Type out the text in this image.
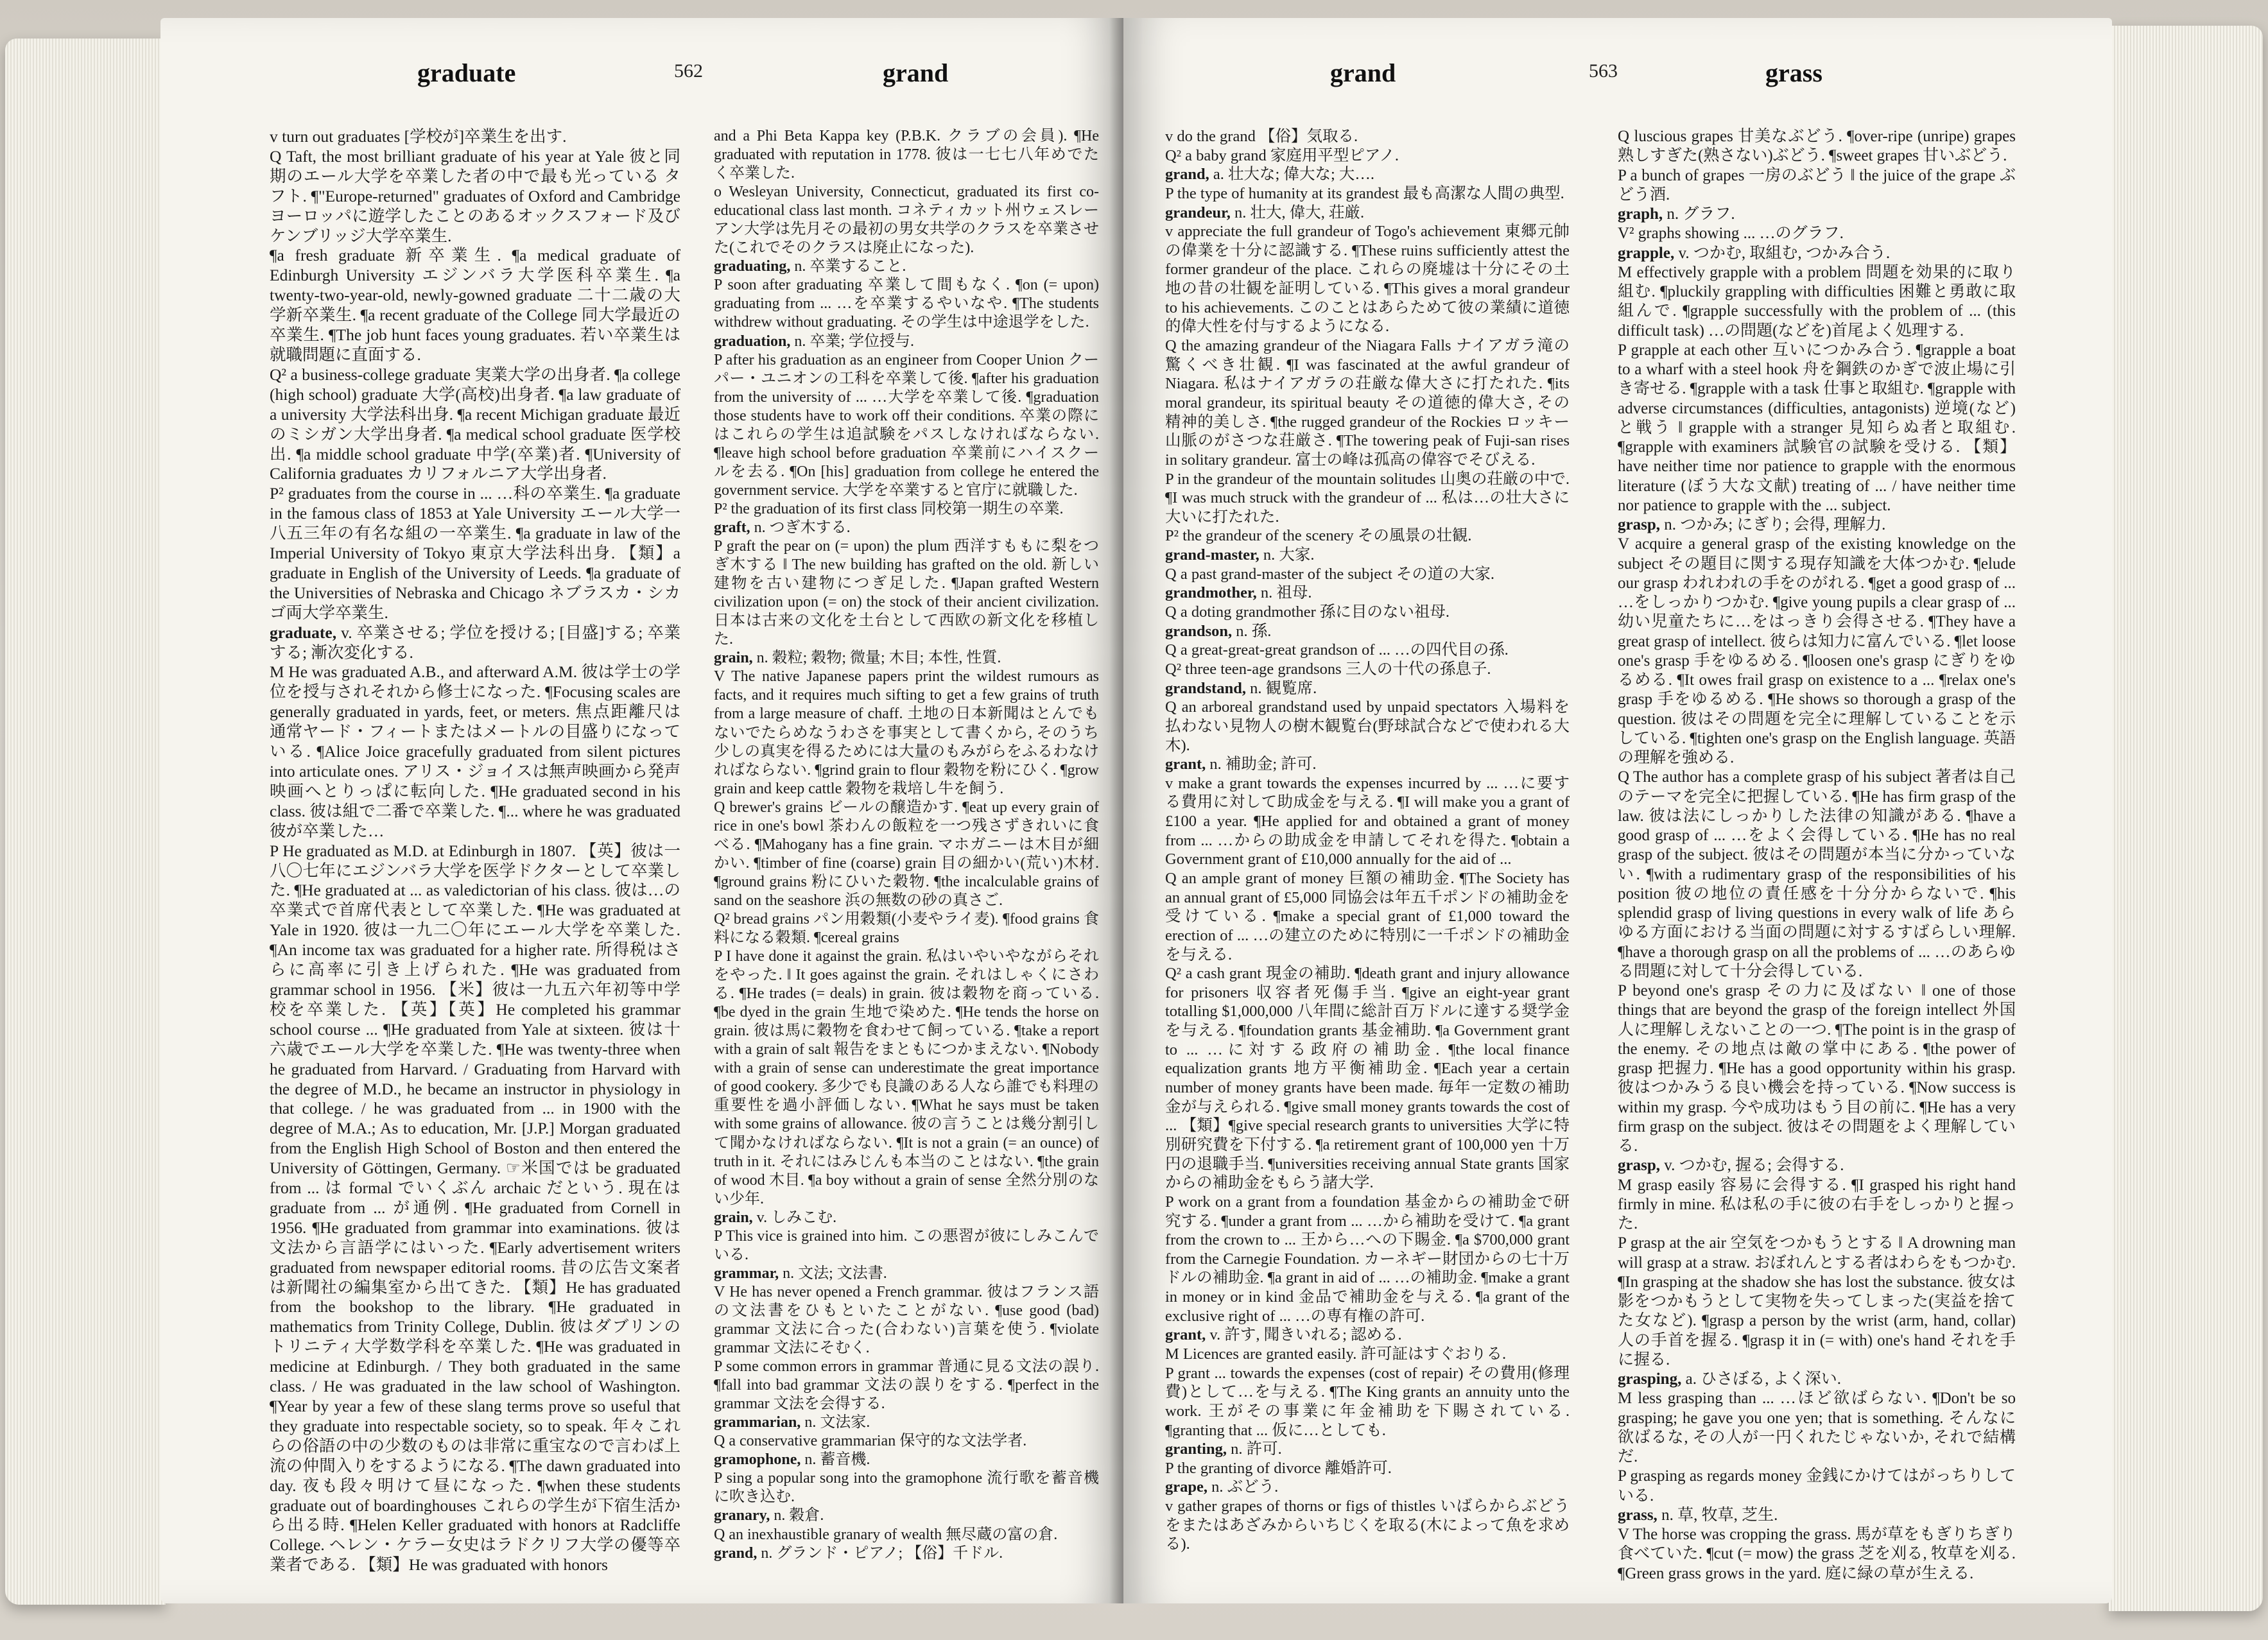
graduate	562	grand

v turn out graduates [学校が]卒業生を出す.

Q Taft, the most brilliant graduate of his year at Yale 彼と同期のエール大学を卒業した者の中で最も光っている タフト. ¶"Europe-returned" graduates of Oxford and Cambridge ヨーロッパに遊学したことのあるオックスフォード及びケンブリッジ大学卒業生.

¶a fresh graduate 新卒業生. ¶a medical graduate of Edinburgh University エジンバラ大学医科卒業生. ¶a twenty-two-year-old, newly-gowned graduate 二十二歳の大学新卒業生. ¶a recent graduate of the College 同大学最近の卒業生. ¶The job hunt faces young graduates. 若い卒業生は就職問題に直面する.

Q² a business-college graduate 実業大学の出身者. ¶a college (high school) graduate 大学(高校)出身者. ¶a law graduate of a university 大学法科出身. ¶a recent Michigan graduate 最近のミシガン大学出身者. ¶a medical school graduate 医学校出. ¶a middle school graduate 中学(卒業)者. ¶University of California graduates カリフォルニア大学出身者.

P² graduates from the course in ... …科の卒業生. ¶a graduate in the famous class of 1853 at Yale University エール大学一八五三年の有名な組の一卒業生. ¶a graduate in law of the Imperial University of Tokyo 東京大学法科出身. 【類】a graduate in English of the University of Leeds. ¶a graduate of the Universities of Nebraska and Chicago ネブラスカ・シカゴ両大学卒業生.

graduate, v. 卒業させる; 学位を授ける; [目盛]する; 卒業する; 漸次変化する.

M He was graduated A.B., and afterward A.M. 彼は学士の学位を授与されそれから修士になった. ¶Focusing scales are generally graduated in yards, feet, or meters. 焦点距離尺は通常ヤード・フィートまたはメートルの目盛りになっている. ¶Alice Joice gracefully graduated from silent pictures into articulate ones. アリス・ジョイスは無声映画から発声映画へとりっぱに転向した. ¶He graduated second in his class. 彼は組で二番で卒業した. ¶... where he was graduated 彼が卒業した…

P He graduated as M.D. at Edinburgh in 1807. 【英】彼は一八〇七年にエジンバラ大学を医学ドクターとして卒業した. ¶He graduated at ... as valedictorian of his class. 彼は…の卒業式で首席代表として卒業した. ¶He was graduated at Yale in 1920. 彼は一九二〇年にエール大学を卒業した. ¶An income tax was graduated for a higher rate. 所得税はさらに高率に引き上げられた. ¶He was graduated from grammar school in 1956. 【米】彼は一九五六年初等中学校を卒業した. 【英】【英】He completed his grammar school course ... ¶He graduated from Yale at sixteen. 彼は十六歳でエール大学を卒業した. ¶He was twenty-three when he graduated from Harvard. / Graduating from Harvard with the degree of M.D., he became an instructor in physiology in that college. / he was graduated from ... in 1900 with the degree of M.A.; As to education, Mr. [J.P.] Morgan graduated from the English High School of Boston and then entered the University of Göttingen, Germany. ☞米国では be graduated from ... は formal でいくぶん archaic だという. 現在は graduate from ... が通例. ¶He graduated from Cornell in 1956. ¶He graduated from grammar into examinations. 彼は文法から言語学にはいった. ¶Early advertisement writers graduated from newspaper editorial rooms. 昔の広告文案者は新聞社の編集室から出てきた. 【類】He has graduated from the bookshop to the library. ¶He graduated in mathematics from Trinity College, Dublin. 彼はダブリンのトリニティ大学数学科を卒業した. ¶He was graduated in medicine at Edinburgh. / They both graduated in the same class. / He was graduated in the law school of Washington. ¶Year by year a few of these slang terms prove so useful that they graduate into respectable society, so to speak. 年々これらの俗語の中の少数のものは非常に重宝なので言わば上流の仲間入りをするようになる. ¶The dawn graduated into day. 夜も段々明けて昼になった. ¶when these students graduate out of boardinghouses これらの学生が下宿生活から出る時. ¶Helen Keller graduated with honors at Radcliffe College. ヘレン・ケラー女史はラドクリフ大学の優等卒業者である. 【類】He was graduated with honors

and a Phi Beta Kappa key (P.B.K. クラブの会員). ¶He graduated with reputation in 1778. 彼は一七七八年めでたく卒業した.

o Wesleyan University, Connecticut, graduated its first co-educational class last month. コネティカット州ウェスレーアン大学は先月その最初の男女共学のクラスを卒業させた(これでそのクラスは廃止になった).

graduating, n. 卒業すること.

P soon after graduating 卒業して間もなく. ¶on (= upon) graduating from ... …を卒業するやいなや. ¶The students withdrew without graduating. その学生は中途退学をした.

graduation, n. 卒業; 学位授与.

P after his graduation as an engineer from Cooper Union クーパー・ユニオンの工科を卒業して後. ¶after his graduation from the university of ... …大学を卒業して後. ¶graduation those students have to work off their conditions. 卒業の際にはこれらの学生は追試験をパスしなければならない. ¶leave high school before graduation 卒業前にハイスクールを去る. ¶On [his] graduation from college he entered the government service. 大学を卒業すると官庁に就職した.

P² the graduation of its first class 同校第一期生の卒業.

graft, n. つぎ木する.

P graft the pear on (= upon) the plum 西洋すももに梨をつぎ木する ‖ The new building has grafted on the old. 新しい建物を古い建物につぎ足した. ¶Japan grafted Western civilization upon (= on) the stock of their ancient civilization. 日本は古来の文化を土台として西欧の新文化を移植した.

grain, n. 穀粒; 穀物; 微量; 木目; 本性, 性質.

V The native Japanese papers print the wildest rumours as facts, and it requires much sifting to get a few grains of truth from a large measure of chaff. 土地の日本新聞はとんでもないでたらめなうわさを事実として書くから, そのうち少しの真実を得るためには大量のもみがらをふるわなければならない. ¶grind grain to flour 穀物を粉にひく. ¶grow grain and keep cattle 穀物を栽培し牛を飼う.

Q brewer's grains ビールの醸造かす. ¶eat up every grain of rice in one's bowl 茶わんの飯粒を一つ残さずきれいに食べる. ¶Mahogany has a fine grain. マホガニーは木目が細かい. ¶timber of fine (coarse) grain 目の細かい(荒い)木材. ¶ground grains 粉にひいた穀物. ¶the incalculable grains of sand on the seashore 浜の無数の砂の真さご.

Q² bread grains パン用穀類(小麦やライ麦). ¶food grains 食料になる穀類. ¶cereal grains

P I have done it against the grain. 私はいやいやながらそれをやった. ‖ It goes against the grain. それはしゃくにさわる. ¶He trades (= deals) in grain. 彼は穀物を商っている. ¶be dyed in the grain 生地で染めた. ¶He tends the horse on grain. 彼は馬に穀物を食わせて飼っている. ¶take a report with a grain of salt 報告をまともにつかまえない. ¶Nobody with a grain of sense can underestimate the great importance of good cookery. 多少でも良識のある人なら誰でも料理の重要性を過小評価しない. ¶What he says must be taken with some grains of allowance. 彼の言うことは幾分割引して聞かなければならない. ¶It is not a grain (= an ounce) of truth in it. それにはみじんも本当のことはない. ¶the grain of wood 木目. ¶a boy without a grain of sense 全然分別のない少年.

grain, v. しみこむ.

P This vice is grained into him. この悪習が彼にしみこんでいる.

grammar, n. 文法; 文法書.

V He has never opened a French grammar. 彼はフランス語の文法書をひもといたことがない. ¶use good (bad) grammar 文法に合った(合わない)言葉を使う. ¶violate grammar 文法にそむく.

P some common errors in grammar 普通に見る文法の誤り. ¶fall into bad grammar 文法の誤りをする. ¶perfect in the grammar 文法を会得する.

grammarian, n. 文法家.

Q a conservative grammarian 保守的な文法学者.

gramophone, n. 蓄音機.

P sing a popular song into the gramophone 流行歌を蓄音機に吹き込む.

granary, n. 穀倉.

Q an inexhaustible granary of wealth 無尽蔵の富の倉.

grand, n. グランド・ピアノ; 【俗】千ドル.

grand	563	grass

v do the grand 【俗】気取る.

Q² a baby grand 家庭用平型ピアノ.

grand, a. 壮大な; 偉大な; 大….

P the type of humanity at its grandest 最も高潔な人間の典型.

grandeur, n. 壮大, 偉大, 荘厳.

v appreciate the full grandeur of Togo's achievement 東郷元帥の偉業を十分に認識する. ¶These ruins sufficiently attest the former grandeur of the place. これらの廃墟は十分にその土地の昔の壮観を証明している. ¶This gives a moral grandeur to his achievements. このことはあらためて彼の業績に道徳的偉大性を付与するようになる.

Q the amazing grandeur of the Niagara Falls ナイアガラ滝の驚くべき壮観. ¶I was fascinated at the awful grandeur of Niagara. 私はナイアガラの荘厳な偉大さに打たれた. ¶its moral grandeur, its spiritual beauty その道徳的偉大さ, その精神的美しさ. ¶the rugged grandeur of the Rockies ロッキー山脈のがさつな荘厳さ. ¶The towering peak of Fuji-san rises in solitary grandeur. 富士の峰は孤高の偉容でそびえる.

P in the grandeur of the mountain solitudes 山奥の荘厳の中で. ¶I was much struck with the grandeur of ... 私は…の壮大さに大いに打たれた.

P² the grandeur of the scenery その風景の壮観.

grand-master, n. 大家.

Q a past grand-master of the subject その道の大家.

grandmother, n. 祖母.

Q a doting grandmother 孫に目のない祖母.

grandson, n. 孫.

Q a great-great-great grandson of ... …の四代目の孫.

Q² three teen-age grandsons 三人の十代の孫息子.

grandstand, n. 観覧席.

Q an arboreal grandstand used by unpaid spectators 入場料を払わない見物人の樹木観覧台(野球試合などで使われる大木).

grant, n. 補助金; 許可.

v make a grant towards the expenses incurred by ... …に要する費用に対して助成金を与える. ¶I will make you a grant of £100 a year. ¶He applied for and obtained a grant of money from ... …からの助成金を申請してそれを得た. ¶obtain a Government grant of £10,000 annually for the aid of ...

Q an ample grant of money 巨額の補助金. ¶The Society has an annual grant of £5,000 同協会は年五千ポンドの補助金を受けている. ¶make a special grant of £1,000 toward the erection of ... …の建立のために特別に一千ポンドの補助金を与える.

Q² a cash grant 現金の補助. ¶death grant and injury allowance for prisoners 収容者死傷手当. ¶give an eight-year grant totalling $1,000,000 八年間に総計百万ドルに達する奨学金を与える. ¶foundation grants 基金補助. ¶a Government grant to ... …に対する政府の補助金. ¶the local finance equalization grants 地方平衡補助金. ¶Each year a certain number of money grants have been made. 毎年一定数の補助金が与えられる. ¶give small money grants towards the cost of ... 【類】¶give special research grants to universities 大学に特別研究費を下付する. ¶a retirement grant of 100,000 yen 十万円の退職手当. ¶universities receiving annual State grants 国家からの補助金をもらう諸大学.

P work on a grant from a foundation 基金からの補助金で研究する. ¶under a grant from ... …から補助を受けて. ¶a grant from the crown to ... 王から…への下賜金. ¶a $700,000 grant from the Carnegie Foundation. カーネギー財団からの七十万ドルの補助金. ¶a grant in aid of ... …の補助金. ¶make a grant in money or in kind 金品で補助金を与える. ¶a grant of the exclusive right of ... …の専有権の許可.

grant, v. 許す, 聞きいれる; 認める.

M Licences are granted easily. 許可証はすぐおりる.

P grant ... towards the expenses (cost of repair) その費用(修理費)として…を与える. ¶The King grants an annuity unto the work. 王がその事業に年金補助を下賜されている. ¶granting that ... 仮に…としても.

granting, n. 許可.

P the granting of divorce 離婚許可.

grape, n. ぶどう.

v gather grapes of thorns or figs of thistles いばらからぶどうをまたはあざみからいちじくを取る(木によって魚を求める).

Q luscious grapes 甘美なぶどう. ¶over-ripe (unripe) grapes 熟しすぎた(熟さない)ぶどう. ¶sweet grapes 甘いぶどう.

P a bunch of grapes 一房のぶどう ‖ the juice of the grape ぶどう酒.

graph, n. グラフ.

V² graphs showing ... …のグラフ.

grapple, v. つかむ, 取組む, つかみ合う.

M effectively grapple with a problem 問題を効果的に取り組む. ¶pluckily grappling with difficulties 困難と勇敢に取組んで. ¶grapple successfully with the problem of ... (this difficult task) …の問題(などを)首尾よく処理する.

P grapple at each other 互いにつかみ合う. ¶grapple a boat to a wharf with a steel hook 舟を鋼鉄のかぎで波止場に引き寄せる. ¶grapple with a task 仕事と取組む. ¶grapple with adverse circumstances (difficulties, antagonists) 逆境(など)と戦う ‖ grapple with a stranger 見知らぬ者と取組む. ¶grapple with examiners 試験官の試験を受ける. 【類】have neither time nor patience to grapple with the enormous literature (ぼう大な文献) treating of ... / have neither time nor patience to grapple with the ... subject.

grasp, n. つかみ; にぎり; 会得, 理解力.

V acquire a general grasp of the existing knowledge on the subject その題目に関する現存知識を大体つかむ. ¶elude our grasp われわれの手をのがれる. ¶get a good grasp of ... …をしっかりつかむ. ¶give young pupils a clear grasp of ... 幼い児童たちに…をはっきり会得させる. ¶They have a great grasp of intellect. 彼らは知力に富んでいる. ¶let loose one's grasp 手をゆるめる. ¶loosen one's grasp にぎりをゆるめる. ¶It owes frail grasp on existence to a ... ¶relax one's grasp 手をゆるめる. ¶He shows so thorough a grasp of the question. 彼はその問題を完全に理解していることを示している. ¶tighten one's grasp on the English language. 英語の理解を強める.

Q The author has a complete grasp of his subject 著者は自己のテーマを完全に把握している. ¶He has firm grasp of the law. 彼は法にしっかりした法律の知識がある. ¶have a good grasp of ... …をよく会得している. ¶He has no real grasp of the subject. 彼はその問題が本当に分かっていない. ¶with a rudimentary grasp of the responsibilities of his position 彼の地位の責任感を十分分からないで. ¶his splendid grasp of living questions in every walk of life あらゆる方面における当面の問題に対するすばらしい理解. ¶have a thorough grasp on all the problems of ... …のあらゆる問題に対して十分会得している.

P beyond one's grasp その力に及ばない ‖ one of those things that are beyond the grasp of the foreign intellect 外国人に理解しえないことの一つ. ¶The point is in the grasp of the enemy. その地点は敵の掌中にある. ¶the power of grasp 把握力. ¶He has a good opportunity within his grasp. 彼はつかみうる良い機会を持っている. ¶Now success is within my grasp. 今や成功はもう目の前に. ¶He has a very firm grasp on the subject. 彼はその問題をよく理解している.

grasp, v. つかむ, 握る; 会得する.

M grasp easily 容易に会得する. ¶I grasped his right hand firmly in mine. 私は私の手に彼の右手をしっかりと握った.

P grasp at the air 空気をつかもうとする ‖ A drowning man will grasp at a straw. おぼれんとする者はわらをもつかむ. ¶In grasping at the shadow she has lost the substance. 彼女は影をつかもうとして実物を失ってしまった(実益を捨てた女など). ¶grasp a person by the wrist (arm, hand, collar) 人の手首を握る. ¶grasp it in (= with) one's hand それを手に握る.

grasping, a. ひさぼる, よく深い.

M less grasping than ... …ほど欲ばらない. ¶Don't be so grasping; he gave you one yen; that is something. そんなに欲ばるな, その人が一円くれたじゃないか, それで結構だ.

P grasping as regards money 金銭にかけてはがっちりしている.

grass, n. 草, 牧草, 芝生.

V The horse was cropping the grass. 馬が草をもぎりちぎり食べていた. ¶cut (= mow) the grass 芝を刈る, 牧草を刈る. ¶Green grass grows in the yard. 庭に緑の草が生える.
